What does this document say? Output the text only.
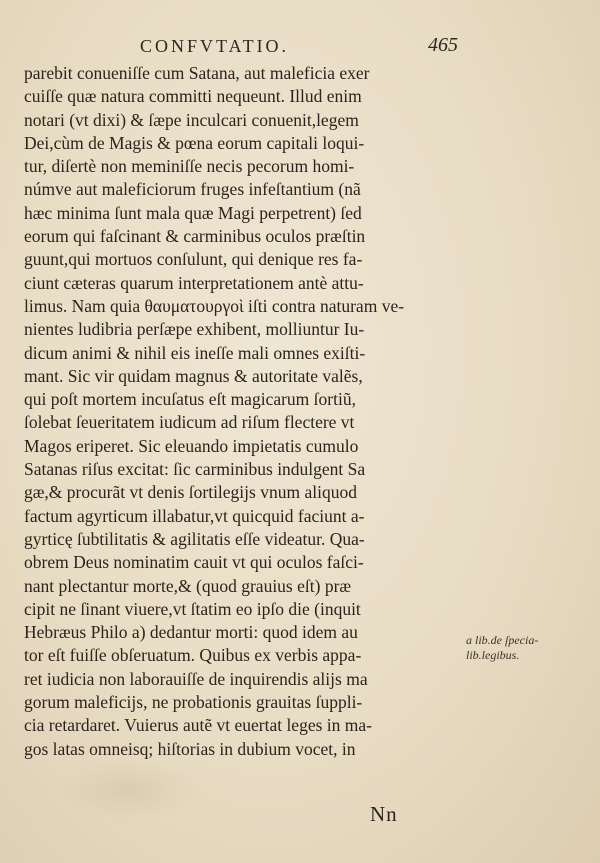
CONFVTATIO.	465
parebit conueniſſe cum Satana, aut maleficia exer
cuiſſe quæ natura committi nequeunt. Illud enim
notari (vt dixi) & ſæpe inculcari conuenit,legem
Dei,cùm de Magis & pœna eorum capitali loqui-
tur, diſertè non meminiſſe necis pecorum homi-
númve aut maleficiorum fruges infeſtantium (nã
hæc minima ſunt mala quæ Magi perpetrent) ſed
eorum qui faſcinant & carminibus oculos præſtin
guunt,qui mortuos conſulunt, qui denique res fa-
ciunt cæteras quarum interpretationem antè attu-
limus. Nam quia θαυματουργοὶ iſti contra naturam ve-
nientes ludibria perſæpe exhibent, molliuntur Iu-
dicum animi & nihil eis ineſſe mali omnes exiſti-
mant. Sic vir quidam magnus & autoritate valẽs,
qui poſt mortem incuſatus eſt magicarum ſortiũ,
ſolebat ſeueritatem iudicum ad riſum flectere vt
Magos eriperet. Sic eleuando impietatis cumulo
Satanas riſus excitat: ſic carminibus indulgent Sa
gæ,& procurãt vt denis ſortilegijs vnum aliquod
factum agyrticum illabatur,vt quicquid faciunt a-
gyrticę ſubtilitatis & agilitatis eſſe videatur. Qua-
obrem Deus nominatim cauit vt qui oculos faſci-
nant plectantur morte,& (quod grauius eſt) præ
cipit ne ſinant viuere,vt ſtatim eo ipſo die (inquit
Hebræus Philo a) dedantur morti: quod idem au
tor eſt fuiſſe obſeruatum. Quibus ex verbis appa-
ret iudicia non laborauiſſe de inquirendis alijs ma
gorum maleficijs, ne probationis grauitas ſuppli-
cia retardaret. Vuierus autẽ vt euertat leges in ma-
gos latas omneisq; hiſtorias in dubium vocet, in
a lib.de ſpecia-
lib.legibus.
Nn
